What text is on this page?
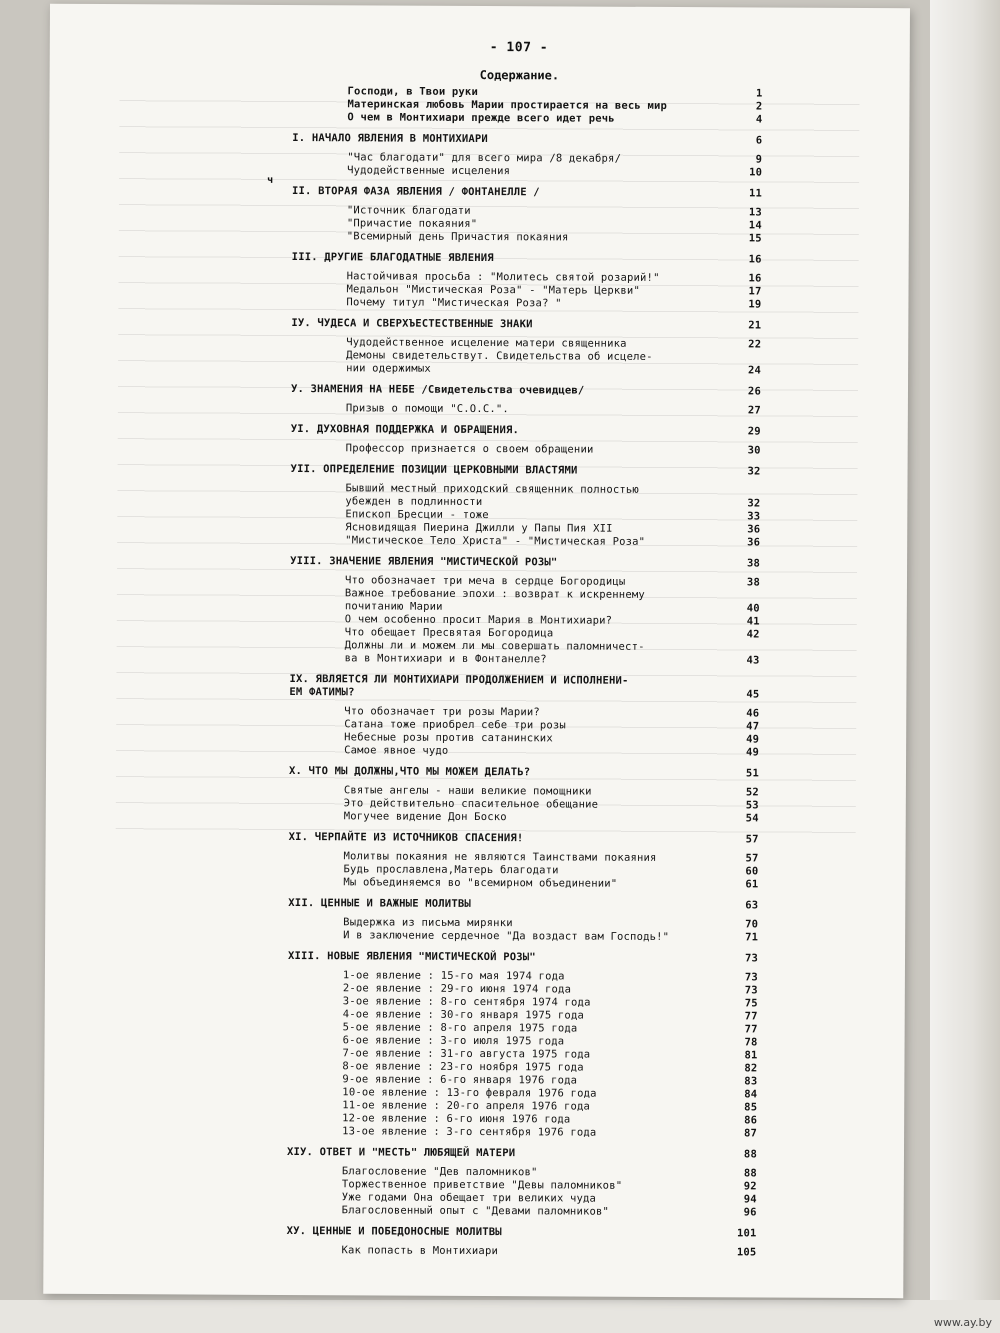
- 107 -
Содержание.
ч
Господи, в Твои руки	1
Материнская любовь Марии простирается на весь мир	2
О чем в Монтихиари прежде всего идет речь	4
I. НАЧАЛО ЯВЛЕНИЯ В МОНТИХИАРИ	6
"Час благодати" для всего мира /8 декабря/	9
Чудодейственные исцеления	10
II. ВТОРАЯ ФАЗА ЯВЛЕНИЯ / ФОНТАНЕЛЛЕ /	11
"Источник благодати	13
"Причастие покаяния"	14
"Всемирный день Причастия покаяния	15
III. ДРУГИЕ БЛАГОДАТНЫЕ ЯВЛЕНИЯ	16
Настойчивая просьба : "Молитесь святой розарий!"	16
Медальон "Мистическая Роза" - "Матерь Церкви"	17
Почему титул "Мистическая Роза? "	19
IУ. ЧУДЕСА И СВЕРХЪЕСТЕСТВЕННЫЕ ЗНАКИ	21
Чудодейственное исцеление матери священника	22
Демоны свидетельствут. Свидетельства об исцеле-
нии одержимых	24
У. ЗНАМЕНИЯ НА НЕБЕ /Свидетельства очевидцев/	26
Призыв о помощи "С.О.С.".	27
УI. ДУХОВНАЯ ПОДДЕРЖКА И ОБРАЩЕНИЯ.	29
Профессор признается о своем обращении	30
УII. ОПРЕДЕЛЕНИЕ ПОЗИЦИИ ЦЕРКОВНЫМИ ВЛАСТЯМИ	32
Бывший местный приходский священник полностью
убежден в подлинности	32
Епископ Бресции - тоже	33
Ясновидящая Пиерина Джилли у Папы Пия XII	36
"Мистическое Тело Христа" - "Мистическая Роза"	36
УIII. ЗНАЧЕНИЕ ЯВЛЕНИЯ "МИСТИЧЕСКОЙ РОЗЫ"	38
Что обозначает три меча в сердце Богородицы	38
Важное требование эпохи : возврат к искреннему
почитанию Марии	40
О чем особенно просит Мария в Монтихиари?	41
Что обещает Пресвятая Богородица	42
Должны ли и можем ли мы совершать паломничест-
ва в Монтихиари и в Фонтанелле?	43
IX. ЯВЛЯЕТСЯ ЛИ МОНТИХИАРИ ПРОДОЛЖЕНИЕМ И ИСПОЛНЕНИ-
ЕМ ФАТИМЫ?	45
Что обозначает три розы Марии?	46
Сатана тоже приобрел себе три розы	47
Небесные розы против сатанинских	49
Самое явное чудо	49
X. ЧТО МЫ ДОЛЖНЫ,ЧТО МЫ МОЖЕМ ДЕЛАТЬ?	51
Святые ангелы - наши великие помощники	52
Это действительно спасительное обещание	53
Могучее видение Дон Боско	54
XI. ЧЕРПАЙТЕ ИЗ ИСТОЧНИКОВ СПАСЕНИЯ!	57
Молитвы покаяния не являются Таинствами покаяния	57
Будь прославлена,Матерь благодати	60
Мы объединяемся во "всемирном объединении"	61
XII. ЦЕННЫЕ И ВАЖНЫЕ МОЛИТВЫ	63
Выдержка из письма мирянки	70
И в заключение сердечное "Да воздаст вам Господь!"	71
XIII. НОВЫЕ ЯВЛЕНИЯ "МИСТИЧЕСКОЙ РОЗЫ"	73
1-ое явление : 15-го мая 1974 года	73
2-ое явление : 29-го июня 1974 года	73
3-ое явление : 8-го сентября 1974 года	75
4-ое явление : 30-го января 1975 года	77
5-ое явление : 8-го апреля 1975 года	77
6-ое явление : 3-го июля 1975 года	78
7-ое явление : 31-го августа 1975 года	81
8-ое явление : 23-го ноября 1975 года	82
9-ое явление : 6-го января 1976 года	83
10-ое явление : 13-го февраля 1976 года	84
11-ое явление : 20-го апреля 1976 года	85
12-ое явление : 6-го июня 1976 года	86
13-ое явление : 3-го сентября 1976 года	87
XIУ. ОТВЕТ И "МЕСТЬ" ЛЮБЯЩЕЙ МАТЕРИ	88
Благословение "Дев паломников"	88
Торжественное приветствие "Девы паломников"	92
Уже годами Она обещает три великих чуда	94
Благословенный опыт с "Девами паломников"	96
ХУ. ЦЕННЫЕ И ПОБЕДОНОСНЫЕ МОЛИТВЫ	101
Как попасть в Монтихиари	105
www.ay.by
